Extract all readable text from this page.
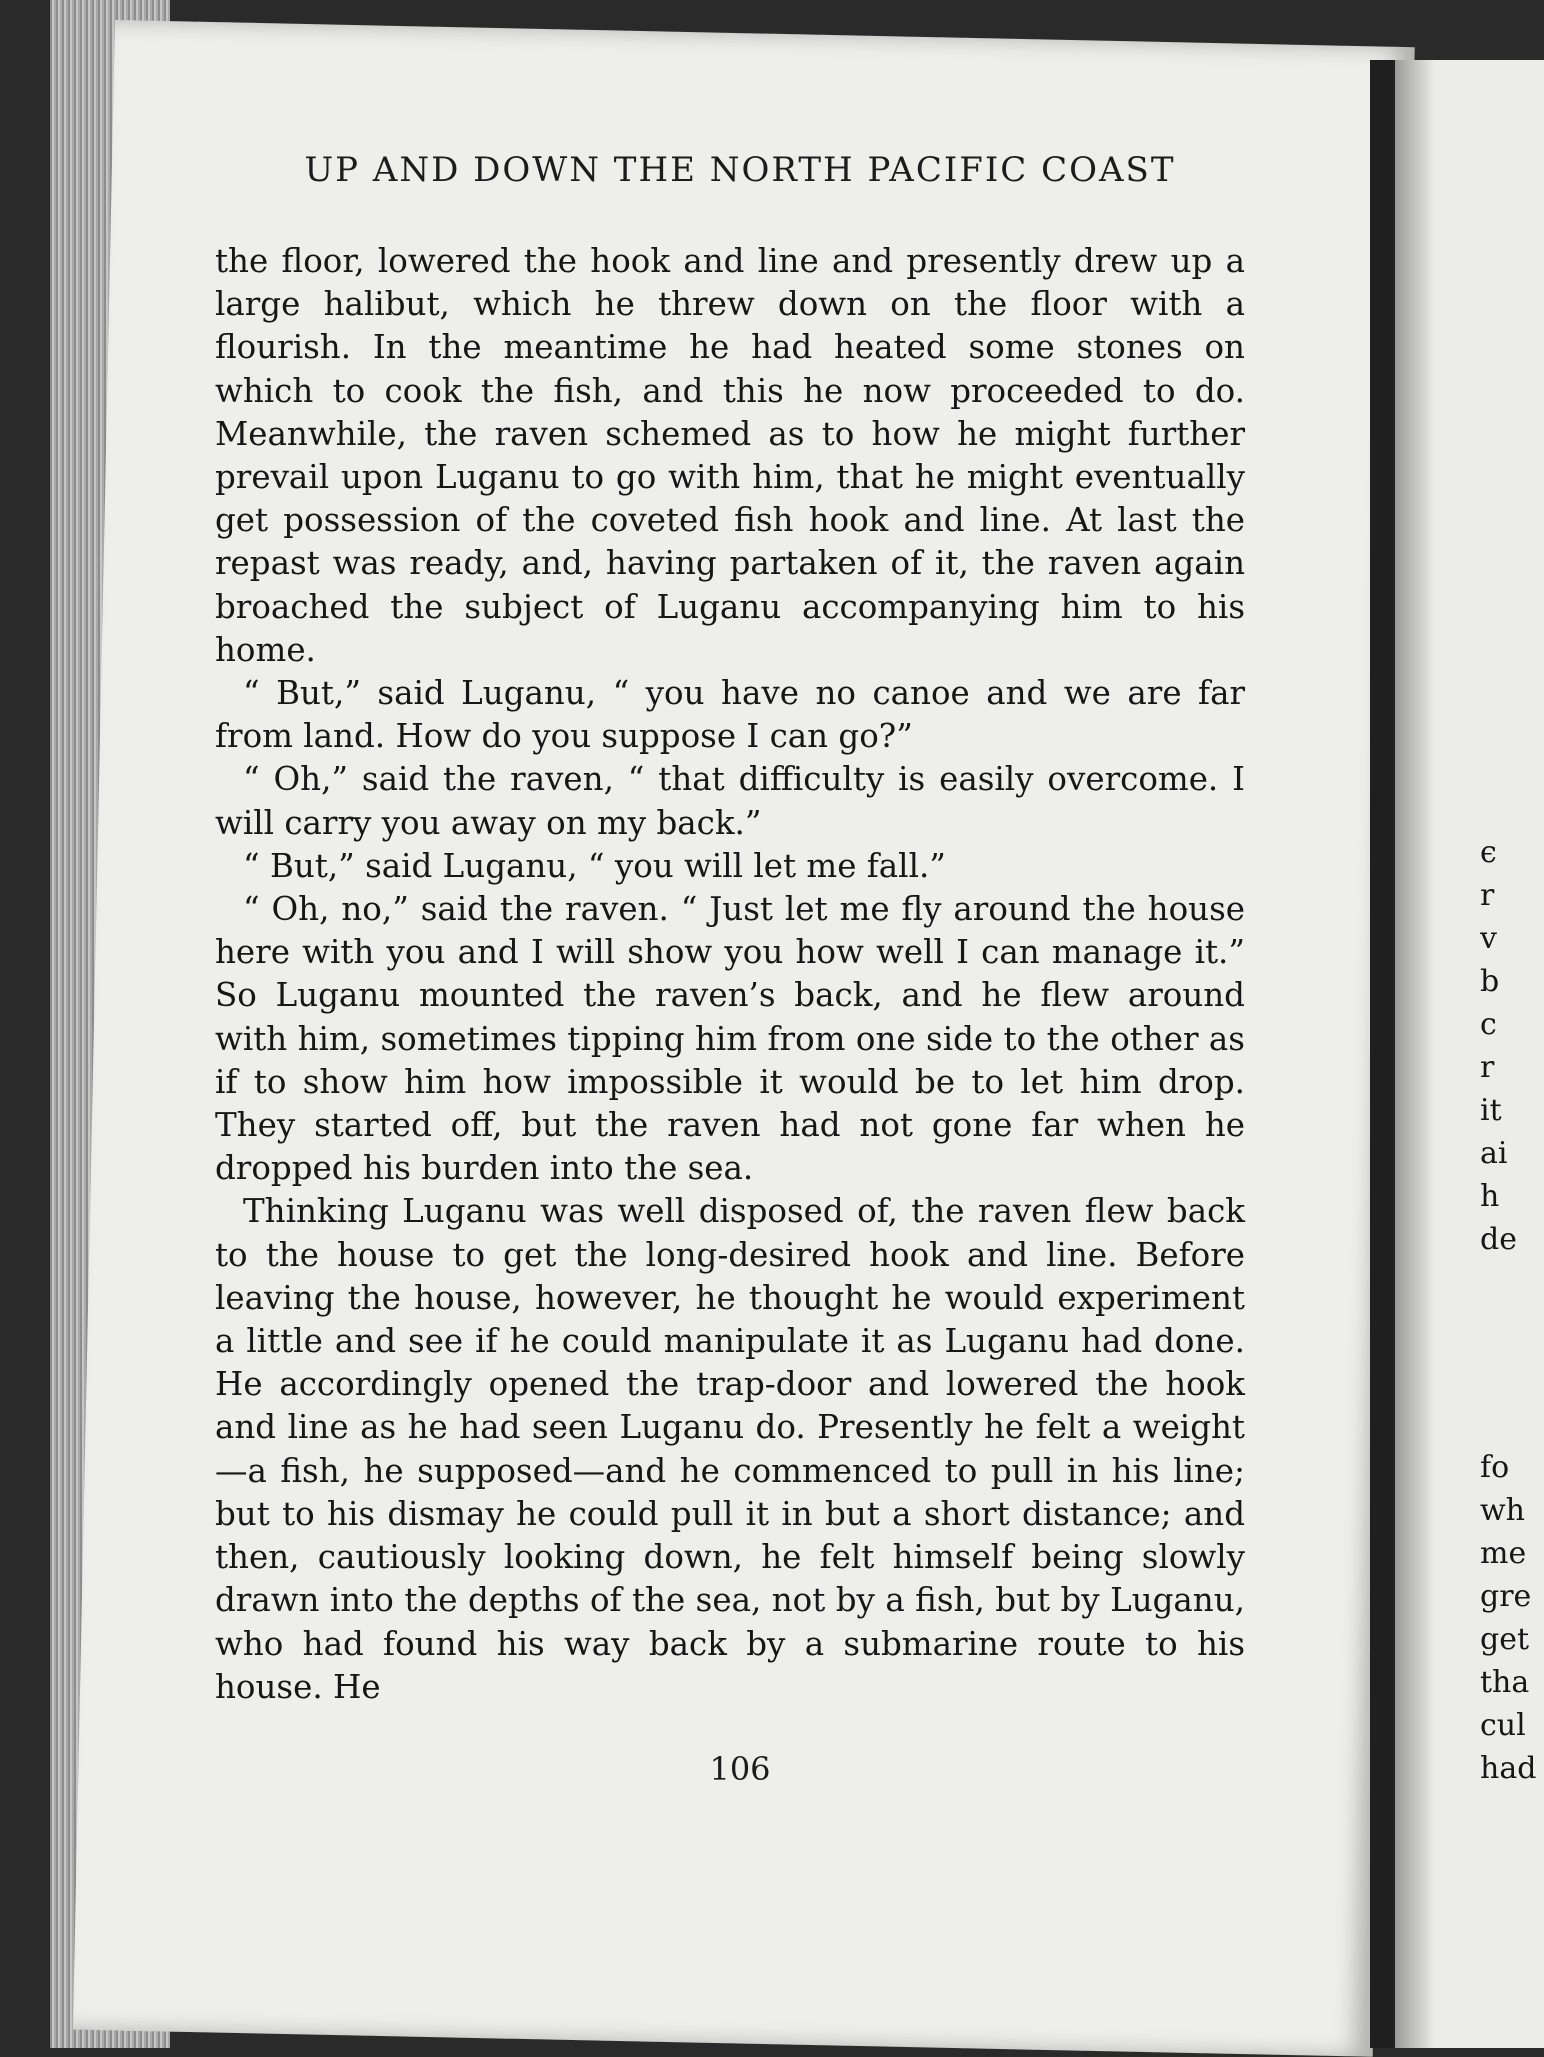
UP AND DOWN THE NORTH PACIFIC COAST

the floor, lowered the hook and line and presently drew up a large halibut, which he threw down on the floor with a flourish. In the meantime he had heated some stones on which to cook the fish, and this he now proceeded to do. Meanwhile, the raven schemed as to how he might further prevail upon Luganu to go with him, that he might eventually get possession of the coveted fish hook and line. At last the repast was ready, and, having partaken of it, the raven again broached the subject of Luganu accompanying him to his home.

“ But,” said Luganu, “ you have no canoe and we are far from land. How do you suppose I can go?”

“ Oh,” said the raven, “ that difficulty is easily overcome. I will carry you away on my back.”

“ But,” said Luganu, “ you will let me fall.”

“ Oh, no,” said the raven. “ Just let me fly around the house here with you and I will show you how well I can manage it.” So Luganu mounted the raven’s back, and he flew around with him, sometimes tipping him from one side to the other as if to show him how impossible it would be to let him drop. They started off, but the raven had not gone far when he dropped his burden into the sea.

Thinking Luganu was well disposed of, the raven flew back to the house to get the long-desired hook and line. Before leaving the house, however, he thought he would experiment a little and see if he could manipulate it as Luganu had done. He accordingly opened the trap-door and lowered the hook and line as he had seen Luganu do. Presently he felt a weight—a fish, he supposed—and he commenced to pull in his line; but to his dismay he could pull it in but a short distance; and then, cautiously looking down, he felt himself being slowly drawn into the depths of the sea, not by a fish, but by Luganu, who had found his way back by a submarine route to his house. He

106
ϵ
r
v
b
c
r
it
ai
h
de
fo
wh
me
gre
get
tha
cul
had
